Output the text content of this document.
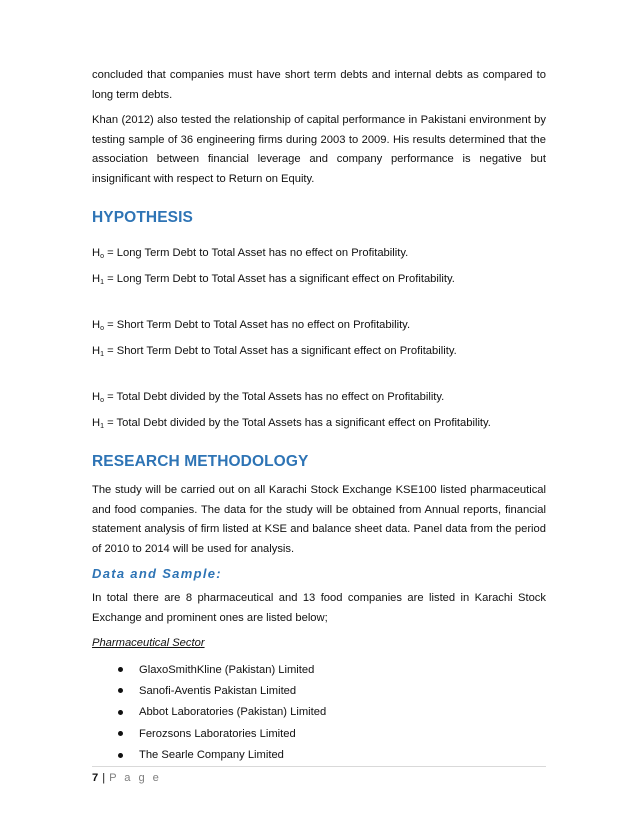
concluded that companies must have short term debts and internal debts as compared to long term debts.

Khan (2012) also tested the relationship of capital performance in Pakistani environment by testing sample of 36 engineering firms during 2003 to 2009. His results determined that the association between financial leverage and company performance is negative but insignificant with respect to Return on Equity.

HYPOTHESIS

$H_o$ = Long Term Debt to Total Asset has no effect on Profitability.

$H_1$ = Long Term Debt to Total Asset has a significant effect on Profitability.

$H_o$ = Short Term Debt to Total Asset has no effect on Profitability.

$H_1$ = Short Term Debt to Total Asset has a significant effect on Profitability.

$H_o$ = Total Debt divided by the Total Assets has no effect on Profitability.

$H_1$ = Total Debt divided by the Total Assets has a significant effect on Profitability.

RESEARCH METHODOLOGY

The study will be carried out on all Karachi Stock Exchange KSE100 listed pharmaceutical and food companies. The data for the study will be obtained from Annual reports, financial statement analysis of firm listed at KSE and balance sheet data. Panel data from the period of 2010 to 2014 will be used for analysis.

Data and Sample:

In total there are 8 pharmaceutical and 13 food companies are listed in Karachi Stock Exchange and prominent ones are listed below;

Pharmaceutical Sector

GlaxoSmithKline (Pakistan) Limited
Sanofi-Aventis Pakistan Limited
Abbot Laboratories (Pakistan) Limited
Ferozsons Laboratories Limited
The Searle Company Limited
7 | P a g e
